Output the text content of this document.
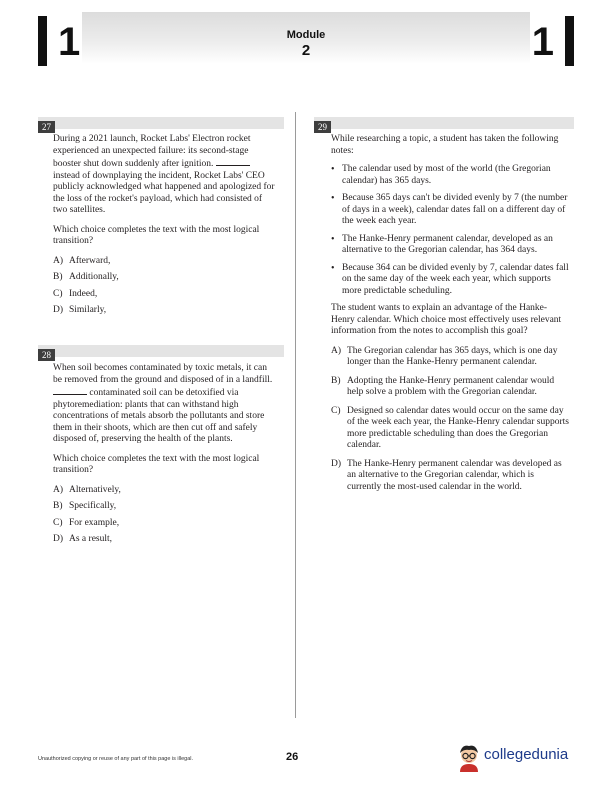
1	Module
2	1
27

During a 2021 launch, Rocket Labs' Electron rocket experienced an unexpected failure: its second-stage booster shut down suddenly after ignition.  instead of downplaying the incident, Rocket Labs' CEO publicly acknowledged what happened and apologized for the loss of the rocket's payload, which had consisted of two satellites.

Which choice completes the text with the most logical transition?

A) Afterward,
B) Additionally,
C) Indeed,
D) Similarly,
28

When soil becomes contaminated by toxic metals, it can be removed from the ground and disposed of in a landfill.  contaminated soil can be detoxified via phytoremediation: plants that can withstand high concentrations of metals absorb the pollutants and store them in their shoots, which are then cut off and safely disposed of, preserving the health of the plants.

Which choice completes the text with the most logical transition?

A) Alternatively,
B) Specifically,
C) For example,
D) As a result,
29

While researching a topic, a student has taken the following notes:

• The calendar used by most of the world (the Gregorian calendar) has 365 days.
• Because 365 days can't be divided evenly by 7 (the number of days in a week), calendar dates fall on a different day of the week each year.
• The Hanke-Henry permanent calendar, developed as an alternative to the Gregorian calendar, has 364 days.
• Because 364 can be divided evenly by 7, calendar dates fall on the same day of the week each year, which supports more predictable scheduling.

The student wants to explain an advantage of the Hanke-Henry calendar. Which choice most effectively uses relevant information from the notes to accomplish this goal?

A) The Gregorian calendar has 365 days, which is one day longer than the Hanke-Henry permanent calendar.
B) Adopting the Hanke-Henry permanent calendar would help solve a problem with the Gregorian calendar.
C) Designed so calendar dates would occur on the same day of the week each year, the Hanke-Henry calendar supports more predictable scheduling than does the Gregorian calendar.
D) The Hanke-Henry permanent calendar was developed as an alternative to the Gregorian calendar, which is currently the most-used calendar in the world.
Unauthorized copying or reuse of any part of this page is illegal.	26	collegedunia
